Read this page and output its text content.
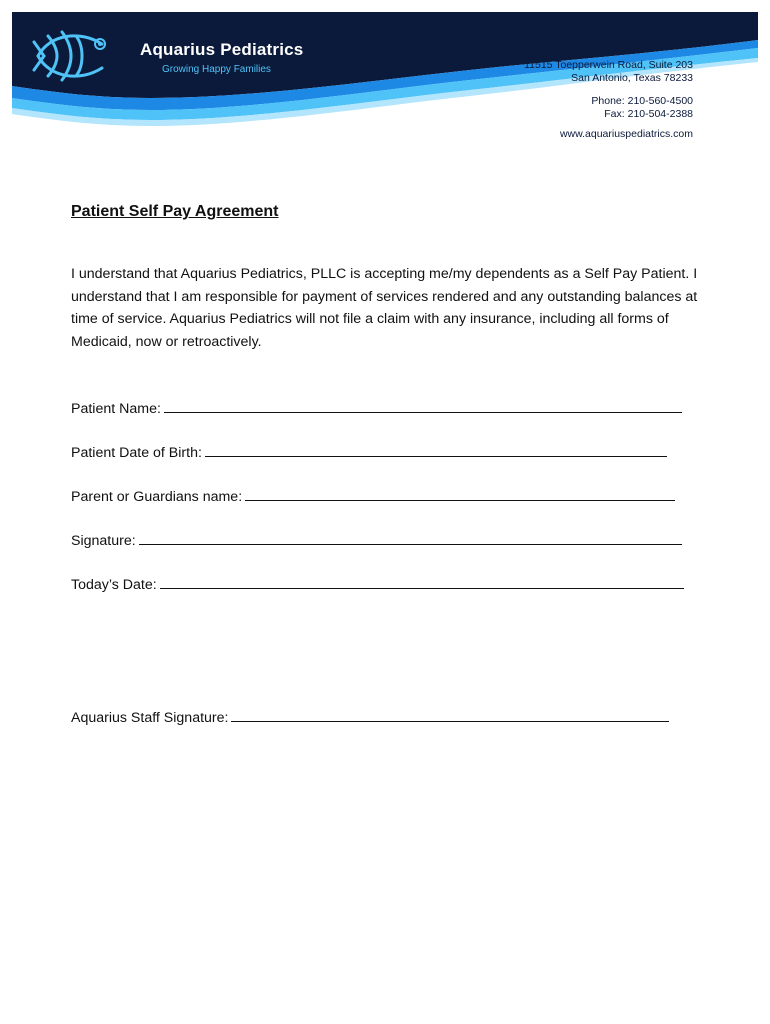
Aquarius Pediatrics
Growing Happy Families	11515 Toepperwein Road, Suite 203
San Antonio, Texas 78233
Phone: 210-560-4500
Fax: 210-504-2388
www.aquariuspediatrics.com
Patient Self Pay Agreement

I understand that Aquarius Pediatrics, PLLC is accepting me/my dependents as a Self Pay Patient. I understand that I am responsible for payment of services rendered and any outstanding balances at time of service. Aquarius Pediatrics will not file a claim with any insurance, including all forms of Medicaid, now or retroactively.

Patient Name:
Patient Date of Birth:
Parent or Guardians name:
Signature:
Today’s Date:
Aquarius Staff Signature:
